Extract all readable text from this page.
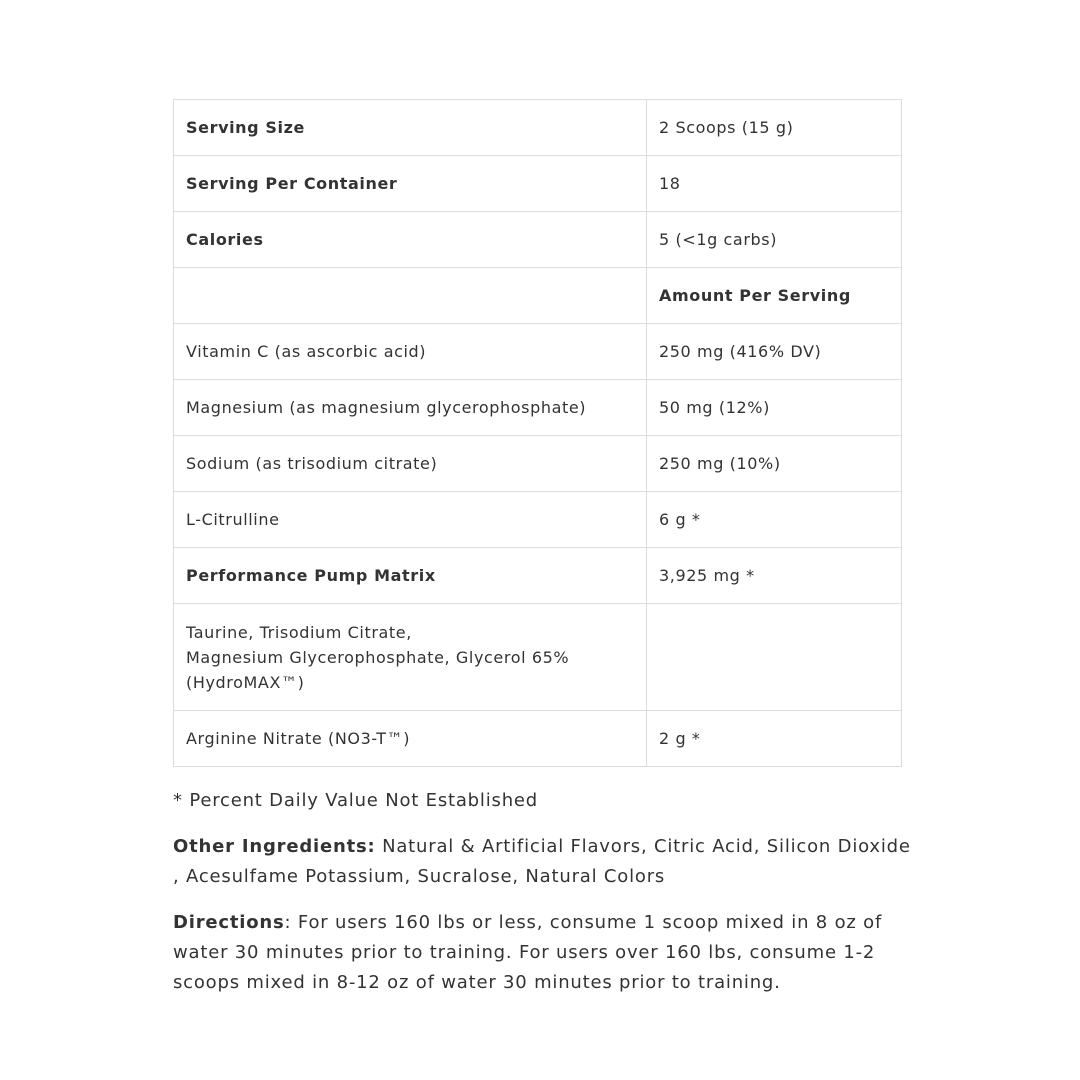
Serving Size	2 Scoops (15 g)
Serving Per Container	18
Calories	5 (<1g carbs)
	Amount Per Serving
Vitamin C (as ascorbic acid)	250 mg (416% DV)
Magnesium (as magnesium glycerophosphate)	50 mg (12%)
Sodium (as trisodium citrate)	250 mg (10%)
L-Citrulline	6 g *
Performance Pump Matrix	3,925 mg *
Taurine, Trisodium Citrate,
Magnesium Glycerophosphate, Glycerol 65%
(HydroMAX™)	
Arginine Nitrate (NO3-T™)	2 g *

* Percent Daily Value Not Established

Other Ingredients: Natural & Artificial Flavors, Citric Acid, Silicon Dioxide , Acesulfame Potassium, Sucralose, Natural Colors

Directions: For users 160 lbs or less, consume 1 scoop mixed in 8 oz of water 30 minutes prior to training. For users over 160 lbs, consume 1-2 scoops mixed in 8-12 oz of water 30 minutes prior to training.
